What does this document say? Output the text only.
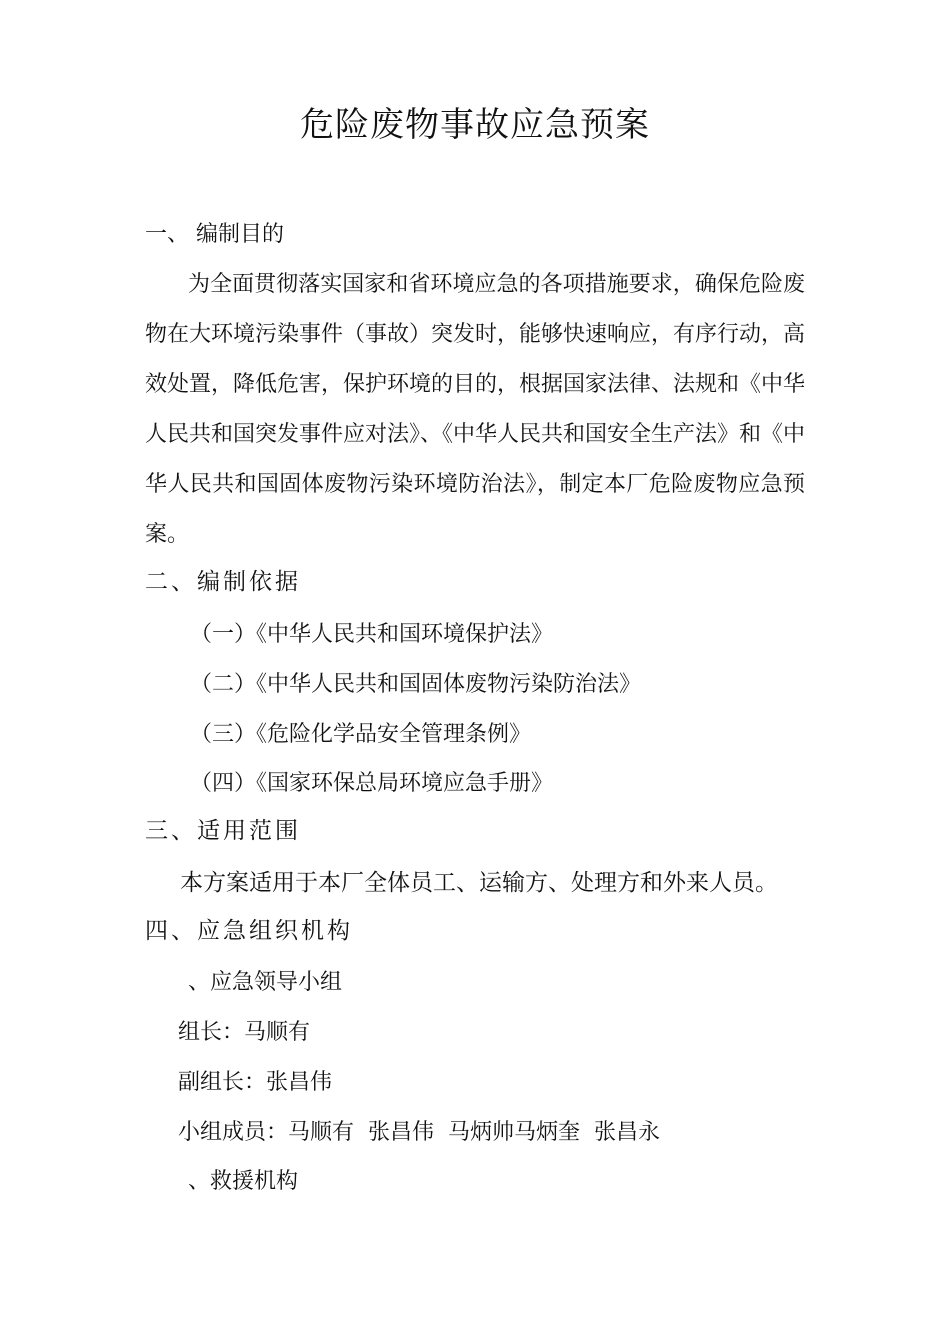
危险废物事故应急预案
一、 编制目的
为全面贯彻落实国家和省环境应急的各项措施要求，确保危险废
物在大环境污染事件（事故）突发时，能够快速响应，有序行动，高
效处置，降低危害，保护环境的目的，根据国家法律、法规和《中华
人民共和国突发事件应对法》、《中华人民共和国安全生产法》和《中
华人民共和国固体废物污染环境防治法》，制定本厂危险废物应急预
案。
二、编制依据
（一）《中华人民共和国环境保护法》
（二）《中华人民共和国固体废物污染防治法》
（三）《危险化学品安全管理条例》
（四）《国家环保总局环境应急手册》
三、适用范围
本方案适用于本厂全体员工、运输方、处理方和外来人员。
四、应急组织机构
、应急领导小组
组长：马顺有
副组长：张昌伟
小组成员：马顺有  张昌伟  马炳帅马炳奎  张昌永
、救援机构
